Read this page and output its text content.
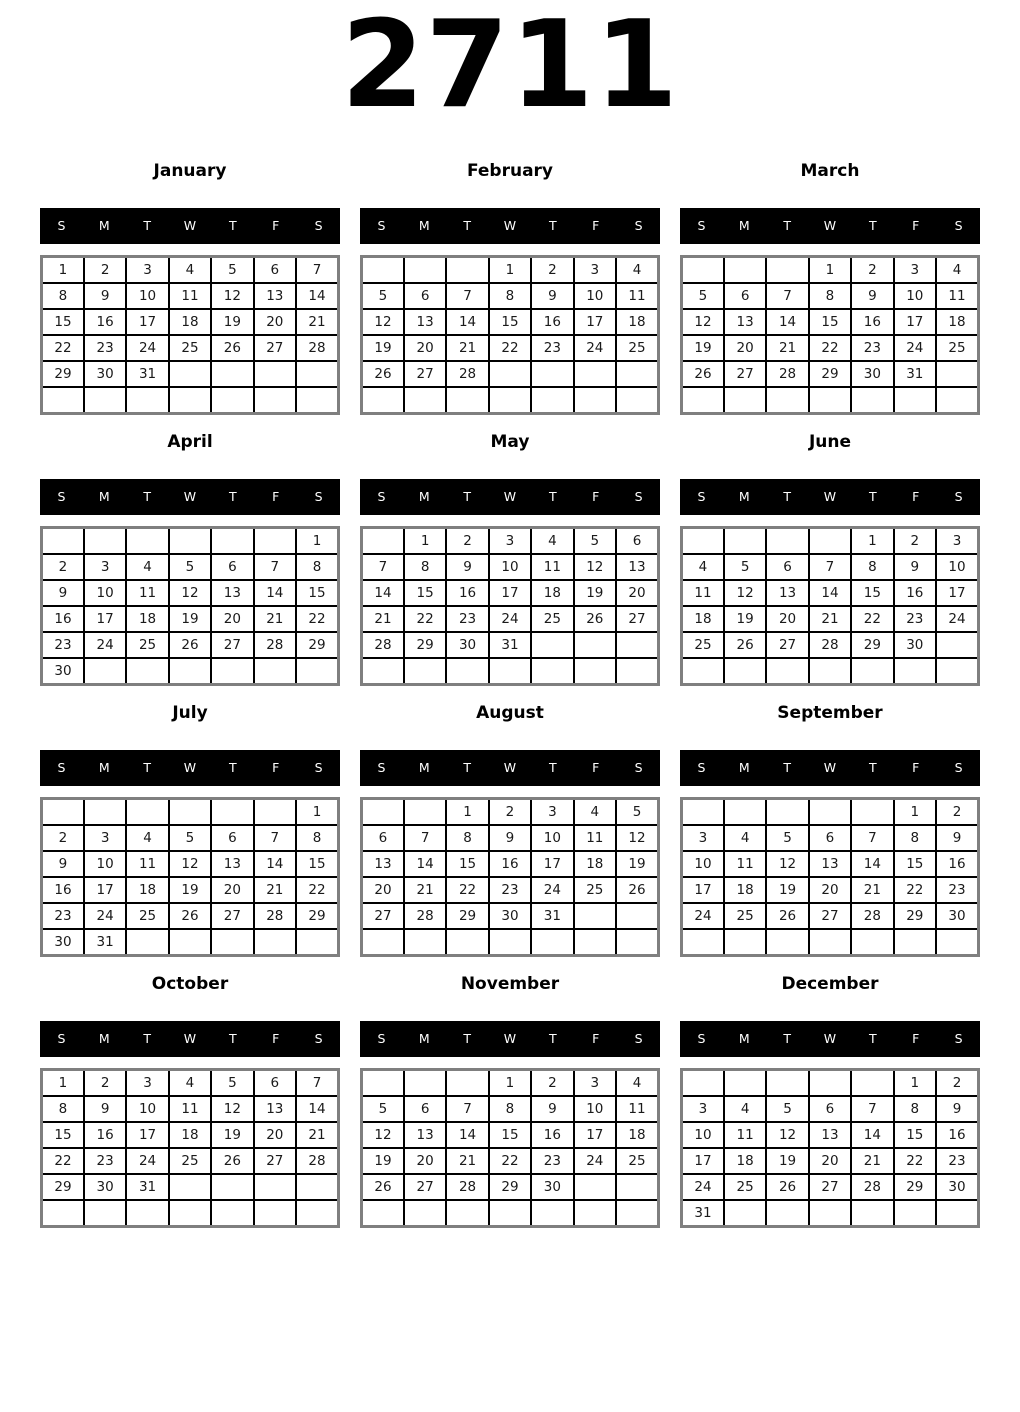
2711
January
S	M	T	W	T	F	S
1	2	3	4	5	6	7
8	9	10	11	12	13	14
15	16	17	18	19	20	21
22	23	24	25	26	27	28
29	30	31				

February
S	M	T	W	T	F	S
			1	2	3	4
5	6	7	8	9	10	11
12	13	14	15	16	17	18
19	20	21	22	23	24	25
26	27	28				

March
S	M	T	W	T	F	S
			1	2	3	4
5	6	7	8	9	10	11
12	13	14	15	16	17	18
19	20	21	22	23	24	25
26	27	28	29	30	31	

April
S	M	T	W	T	F	S
						1
2	3	4	5	6	7	8
9	10	11	12	13	14	15
16	17	18	19	20	21	22
23	24	25	26	27	28	29
30						
May
S	M	T	W	T	F	S
	1	2	3	4	5	6
7	8	9	10	11	12	13
14	15	16	17	18	19	20
21	22	23	24	25	26	27
28	29	30	31			

June
S	M	T	W	T	F	S
				1	2	3
4	5	6	7	8	9	10
11	12	13	14	15	16	17
18	19	20	21	22	23	24
25	26	27	28	29	30	

July
S	M	T	W	T	F	S
						1
2	3	4	5	6	7	8
9	10	11	12	13	14	15
16	17	18	19	20	21	22
23	24	25	26	27	28	29
30	31					
August
S	M	T	W	T	F	S
		1	2	3	4	5
6	7	8	9	10	11	12
13	14	15	16	17	18	19
20	21	22	23	24	25	26
27	28	29	30	31		

September
S	M	T	W	T	F	S
					1	2
3	4	5	6	7	8	9
10	11	12	13	14	15	16
17	18	19	20	21	22	23
24	25	26	27	28	29	30

October
S	M	T	W	T	F	S
1	2	3	4	5	6	7
8	9	10	11	12	13	14
15	16	17	18	19	20	21
22	23	24	25	26	27	28
29	30	31				

November
S	M	T	W	T	F	S
			1	2	3	4
5	6	7	8	9	10	11
12	13	14	15	16	17	18
19	20	21	22	23	24	25
26	27	28	29	30		

December
S	M	T	W	T	F	S
					1	2
3	4	5	6	7	8	9
10	11	12	13	14	15	16
17	18	19	20	21	22	23
24	25	26	27	28	29	30
31						
